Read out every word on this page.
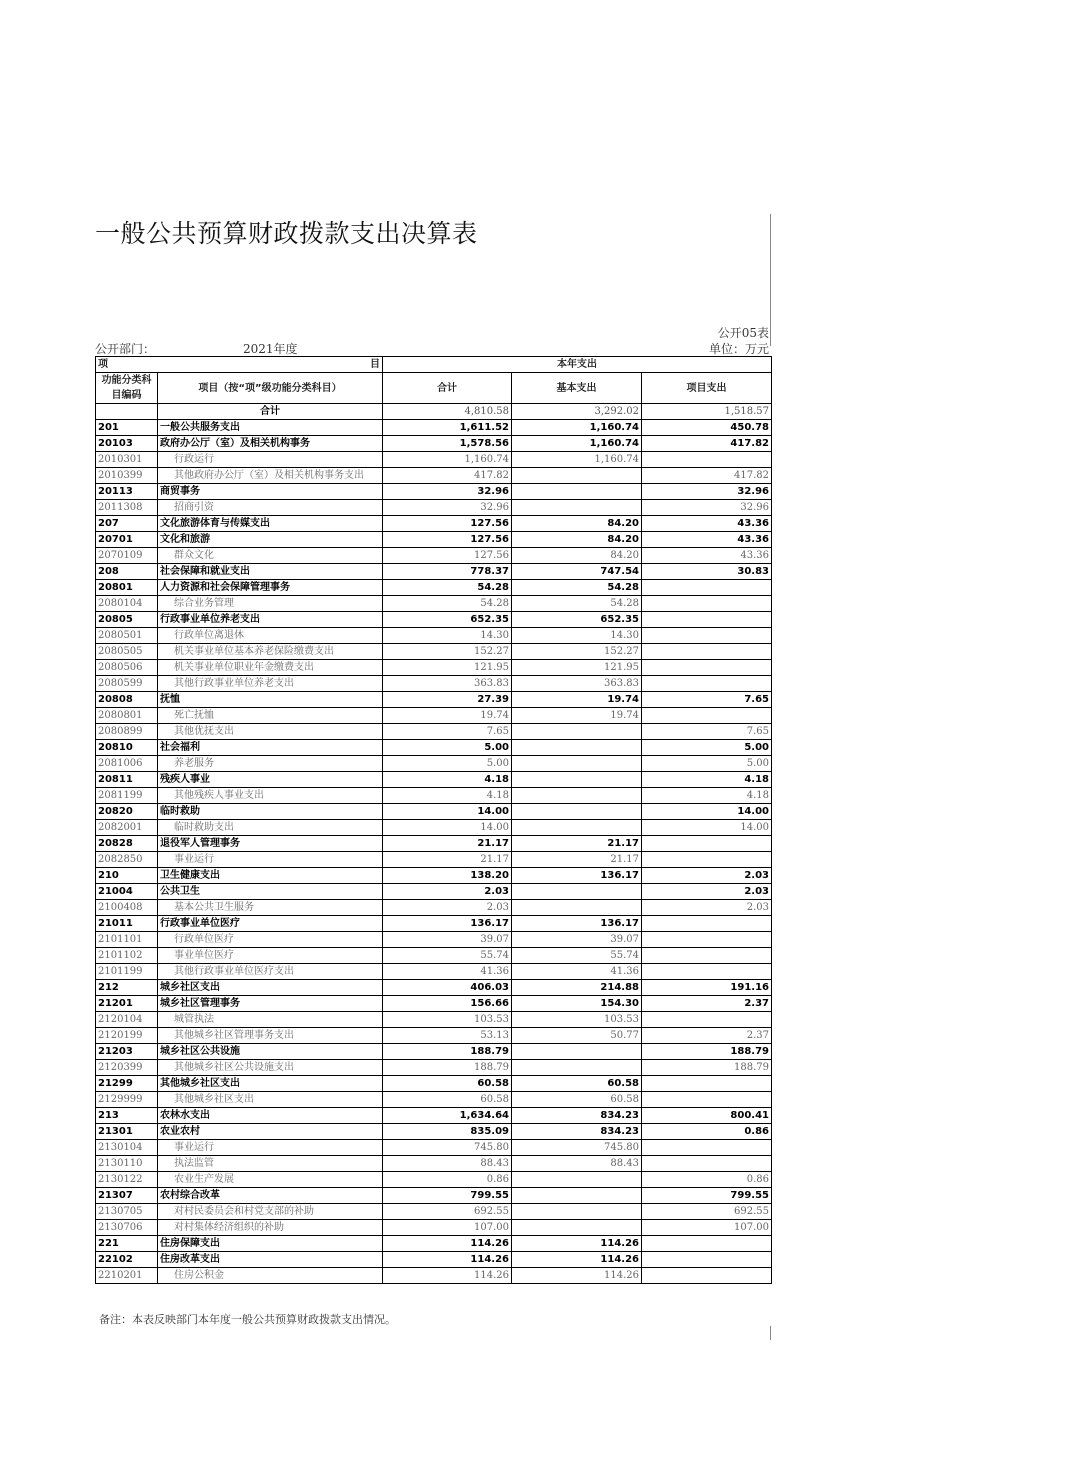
一般公共预算财政拨款支出决算表
公开05表
公开部门：	2021年度	单位：万元
项 目		本年支出		
功能分类科目编码	项目（按“项”级功能分类科目）	合计	基本支出	项目支出
	合计	4,810.58	3,292.02	1,518.57
201	一般公共服务支出	1,611.52	1,160.74	450.78
20103	政府办公厅（室）及相关机构事务	1,578.56	1,160.74	417.82
2010301	行政运行	1,160.74	1,160.74	
2010399	其他政府办公厅（室）及相关机构事务支出	417.82		417.82
20113	商贸事务	32.96		32.96
2011308	招商引资	32.96		32.96
207	文化旅游体育与传媒支出	127.56	84.20	43.36
20701	文化和旅游	127.56	84.20	43.36
2070109	群众文化	127.56	84.20	43.36
208	社会保障和就业支出	778.37	747.54	30.83
20801	人力资源和社会保障管理事务	54.28	54.28	
2080104	综合业务管理	54.28	54.28	
20805	行政事业单位养老支出	652.35	652.35	
2080501	行政单位离退休	14.30	14.30	
2080505	机关事业单位基本养老保险缴费支出	152.27	152.27	
2080506	机关事业单位职业年金缴费支出	121.95	121.95	
2080599	其他行政事业单位养老支出	363.83	363.83	
20808	抚恤	27.39	19.74	7.65
2080801	死亡抚恤	19.74	19.74	
2080899	其他优抚支出	7.65		7.65
20810	社会福利	5.00		5.00
2081006	养老服务	5.00		5.00
20811	残疾人事业	4.18		4.18
2081199	其他残疾人事业支出	4.18		4.18
20820	临时救助	14.00		14.00
2082001	临时救助支出	14.00		14.00
20828	退役军人管理事务	21.17	21.17	
2082850	事业运行	21.17	21.17	
210	卫生健康支出	138.20	136.17	2.03
21004	公共卫生	2.03		2.03
2100408	基本公共卫生服务	2.03		2.03
21011	行政事业单位医疗	136.17	136.17	
2101101	行政单位医疗	39.07	39.07	
2101102	事业单位医疗	55.74	55.74	
2101199	其他行政事业单位医疗支出	41.36	41.36	
212	城乡社区支出	406.03	214.88	191.16
21201	城乡社区管理事务	156.66	154.30	2.37
2120104	城管执法	103.53	103.53	
2120199	其他城乡社区管理事务支出	53.13	50.77	2.37
21203	城乡社区公共设施	188.79		188.79
2120399	其他城乡社区公共设施支出	188.79		188.79
21299	其他城乡社区支出	60.58	60.58	
2129999	其他城乡社区支出	60.58	60.58	
213	农林水支出	1,634.64	834.23	800.41
21301	农业农村	835.09	834.23	0.86
2130104	事业运行	745.80	745.80	
2130110	执法监管	88.43	88.43	
2130122	农业生产发展	0.86		0.86
21307	农村综合改革	799.55		799.55
2130705	对村民委员会和村党支部的补助	692.55		692.55
2130706	对村集体经济组织的补助	107.00		107.00
221	住房保障支出	114.26	114.26	
22102	住房改革支出	114.26	114.26	
2210201	住房公积金	114.26	114.26	
备注：本表反映部门本年度一般公共预算财政拨款支出情况。
